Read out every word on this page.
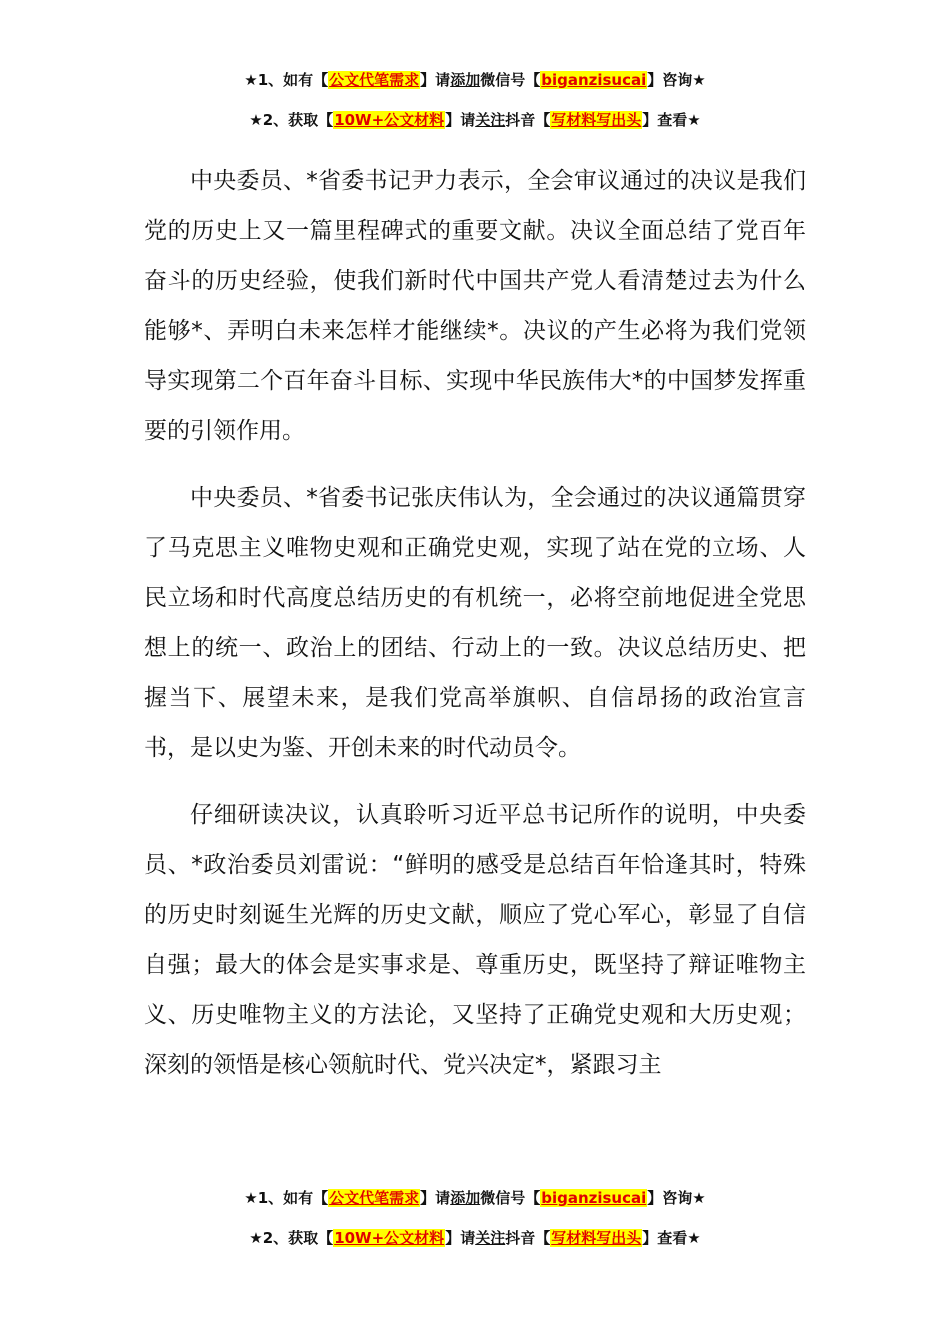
★1、如有【公文代笔需求】请添加微信号【biganzisucai】咨询★
★2、获取【10W+公文材料】请关注抖音【写材料写出头】查看★

中央委员、*省委书记尹力表示，全会审议通过的决议是我们党的历史上又一篇里程碑式的重要文献。决议全面总结了党百年奋斗的历史经验，使我们新时代中国共产党人看清楚过去为什么能够*、弄明白未来怎样才能继续*。决议的产生必将为我们党领导实现第二个百年奋斗目标、实现中华民族伟大*的中国梦发挥重要的引领作用。

中央委员、*省委书记张庆伟认为，全会通过的决议通篇贯穿了马克思主义唯物史观和正确党史观，实现了站在党的立场、人民立场和时代高度总结历史的有机统一，必将空前地促进全党思想上的统一、政治上的团结、行动上的一致。决议总结历史、把握当下、展望未来，是我们党高举旗帜、自信昂扬的政治宣言书，是以史为鉴、开创未来的时代动员令。

仔细研读决议，认真聆听习近平总书记所作的说明，中央委员、*政治委员刘雷说：“鲜明的感受是总结百年恰逢其时，特殊的历史时刻诞生光辉的历史文献，顺应了党心军心，彰显了自信自强；最大的体会是实事求是、尊重历史，既坚持了辩证唯物主义、历史唯物主义的方法论，又坚持了正确党史观和大历史观；深刻的领悟是核心领航时代、党兴决定*，紧跟习主

★1、如有【公文代笔需求】请添加微信号【biganzisucai】咨询★
★2、获取【10W+公文材料】请关注抖音【写材料写出头】查看★
